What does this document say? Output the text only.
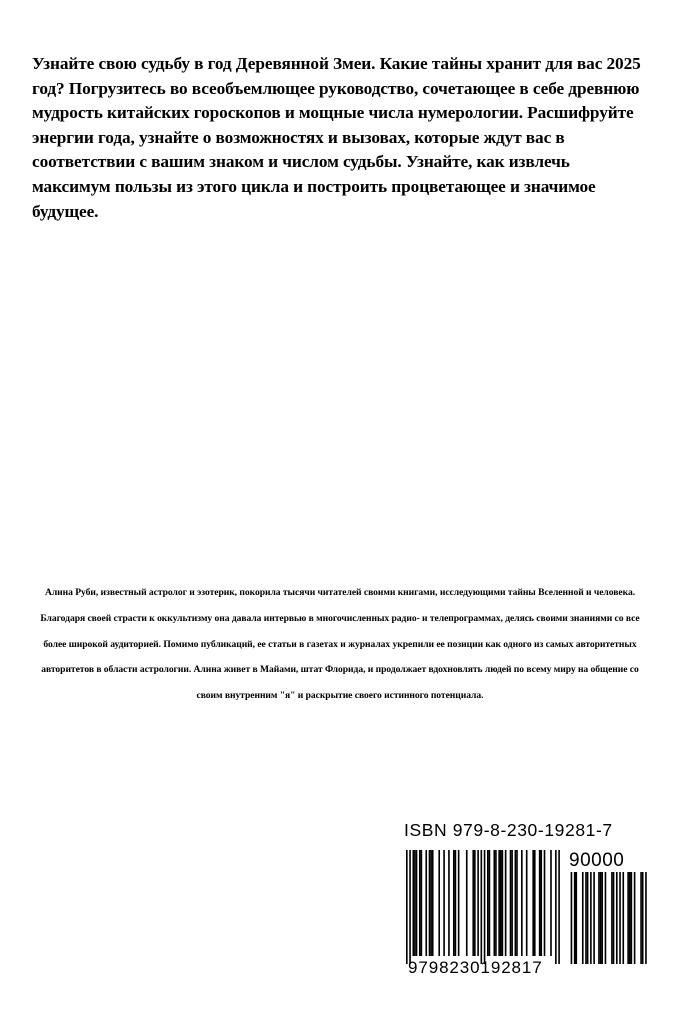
Узнайте свою судьбу в год Деревянной Змеи. Какие тайны хранит для вас 2025 год? Погрузитесь во всеобъемлющее руководство, сочетающее в себе древнюю мудрость китайских гороскопов и мощные числа нумерологии. Расшифруйте энергии года, узнайте о возможностях и вызовах, которые ждут вас в соответствии с вашим знаком и числом судьбы. Узнайте, как извлечь максимум пользы из этого цикла и построить процветающее и значимое будущее.

Алина Руби, известный астролог и эзотерик, покорила тысячи читателей своими книгами, исследующими тайны Вселенной и человека. Благодаря своей страсти к оккультизму она давала интервью в многочисленных радио- и телепрограммах, делясь своими знаниями со все более широкой аудиторией. Помимо публикаций, ее статьи в газетах и журналах укрепили ее позиции как одного из самых авторитетных авторитетов в области астрологии. Алина живет в Майами, штат Флорида, и продолжает вдохновлять людей по всему миру на общение со своим внутренним "я" и раскрытие своего истинного потенциала.

ISBN 979-8-230-19281-7
90000
9798230192817
